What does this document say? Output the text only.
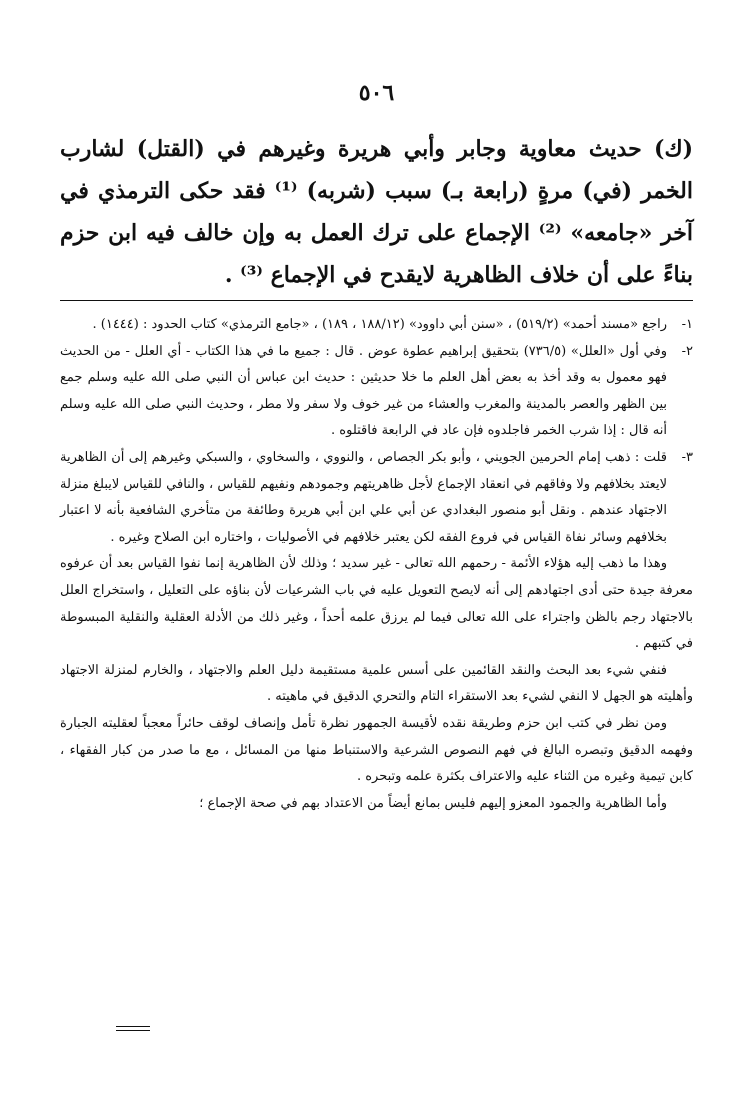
٥٠٦
(ك) حديث معاوية وجابر وأبي هريرة وغيرهم في (القتل) لشارب الخمر (في) مرةٍ (رابعة بـ) سبب (شربه) ⁽¹⁾ فقد حكى الترمذي في آخر «جامعه» ⁽²⁾ الإجماع على ترك العمل به وإن خالف فيه ابن حزم بناءً على أن خلاف الظاهرية لايقدح في الإجماع ⁽³⁾ .

١-
راجع «مسند أحمد» (٥١٩/٢) ، «سنن أبي داوود» (١٨٨/١٢ ، ١٨٩) ، «جامع الترمذي» كتاب الحدود : (١٤٤٤) .

٢-
وفي أول «العلل» (٧٣٦/٥) بتحقيق إبراهيم عطوة عوض . قال : جميع ما في هذا الكتاب - أي العلل - من الحديث فهو معمول به وقد أخذ به بعض أهل العلم ما خلا حديثين : حديث ابن عباس أن النبي صلى الله عليه وسلم جمع بين الظهر والعصر بالمدينة والمغرب والعشاء من غير خوف ولا سفر ولا مطر ، وحديث النبي صلى الله عليه وسلم أنه قال : إذا شرب الخمر فاجلدوه فإن عاد في الرابعة فاقتلوه .

٣-
قلت : ذهب إمام الحرمين الجويني ، وأبو بكر الجصاص ، والنووي ، والسخاوي ، والسبكي وغيرهم إلى أن الظاهرية لايعتد بخلافهم ولا وفاقهم في انعقاد الإجماع لأجل ظاهريتهم وجمودهم ونفيهم للقياس ، والنافي للقياس لايبلغ منزلة الاجتهاد عندهم . ونقل أبو منصور البغدادي عن أبي علي ابن أبي هريرة وطائفة من متأخري الشافعية بأنه لا اعتبار بخلافهم وسائر نفاة القياس في فروع الفقه لكن يعتبر خلافهم في الأصوليات ، واختاره ابن الصلاح وغيره .

وهذا ما ذهب إليه هؤلاء الأئمة - رحمهم الله تعالى - غير سديد ؛ وذلك لأن الظاهرية إنما نفوا القياس بعد أن عرفوه معرفة جيدة حتى أدى اجتهادهم إلى أنه لايصح التعويل عليه في باب الشرعيات لأن بناؤه على التعليل ، واستخراج العلل بالاجتهاد رجم بالظن واجتراء على الله تعالى فيما لم يرزق علمه أحداً ، وغير ذلك من الأدلة العقلية والنقلية المبسوطة في كتبهم .

فنفي شيء بعد البحث والنقد القائمين على أسس علمية مستقيمة دليل العلم والاجتهاد ، والخارم لمنزلة الاجتهاد وأهليته هو الجهل لا النفي لشيء بعد الاستقراء التام والتحري الدقيق في ماهيته .

ومن نظر في كتب ابن حزم وطريقة نقده لأقيسة الجمهور نظرة تأمل وإنصاف لوقف حائراً معجباً لعقليته الجبارة وفهمه الدقيق وتبصره البالغ في فهم النصوص الشرعية والاستنباط منها من المسائل ، مع ما صدر من كبار الفقهاء ، كابن تيمية وغيره من الثناء عليه والاعتراف بكثرة علمه وتبحره .

وأما الظاهرية والجمود المعزو إليهم فليس بمانع أيضاً من الاعتداد بهم في صحة الإجماع ؛
